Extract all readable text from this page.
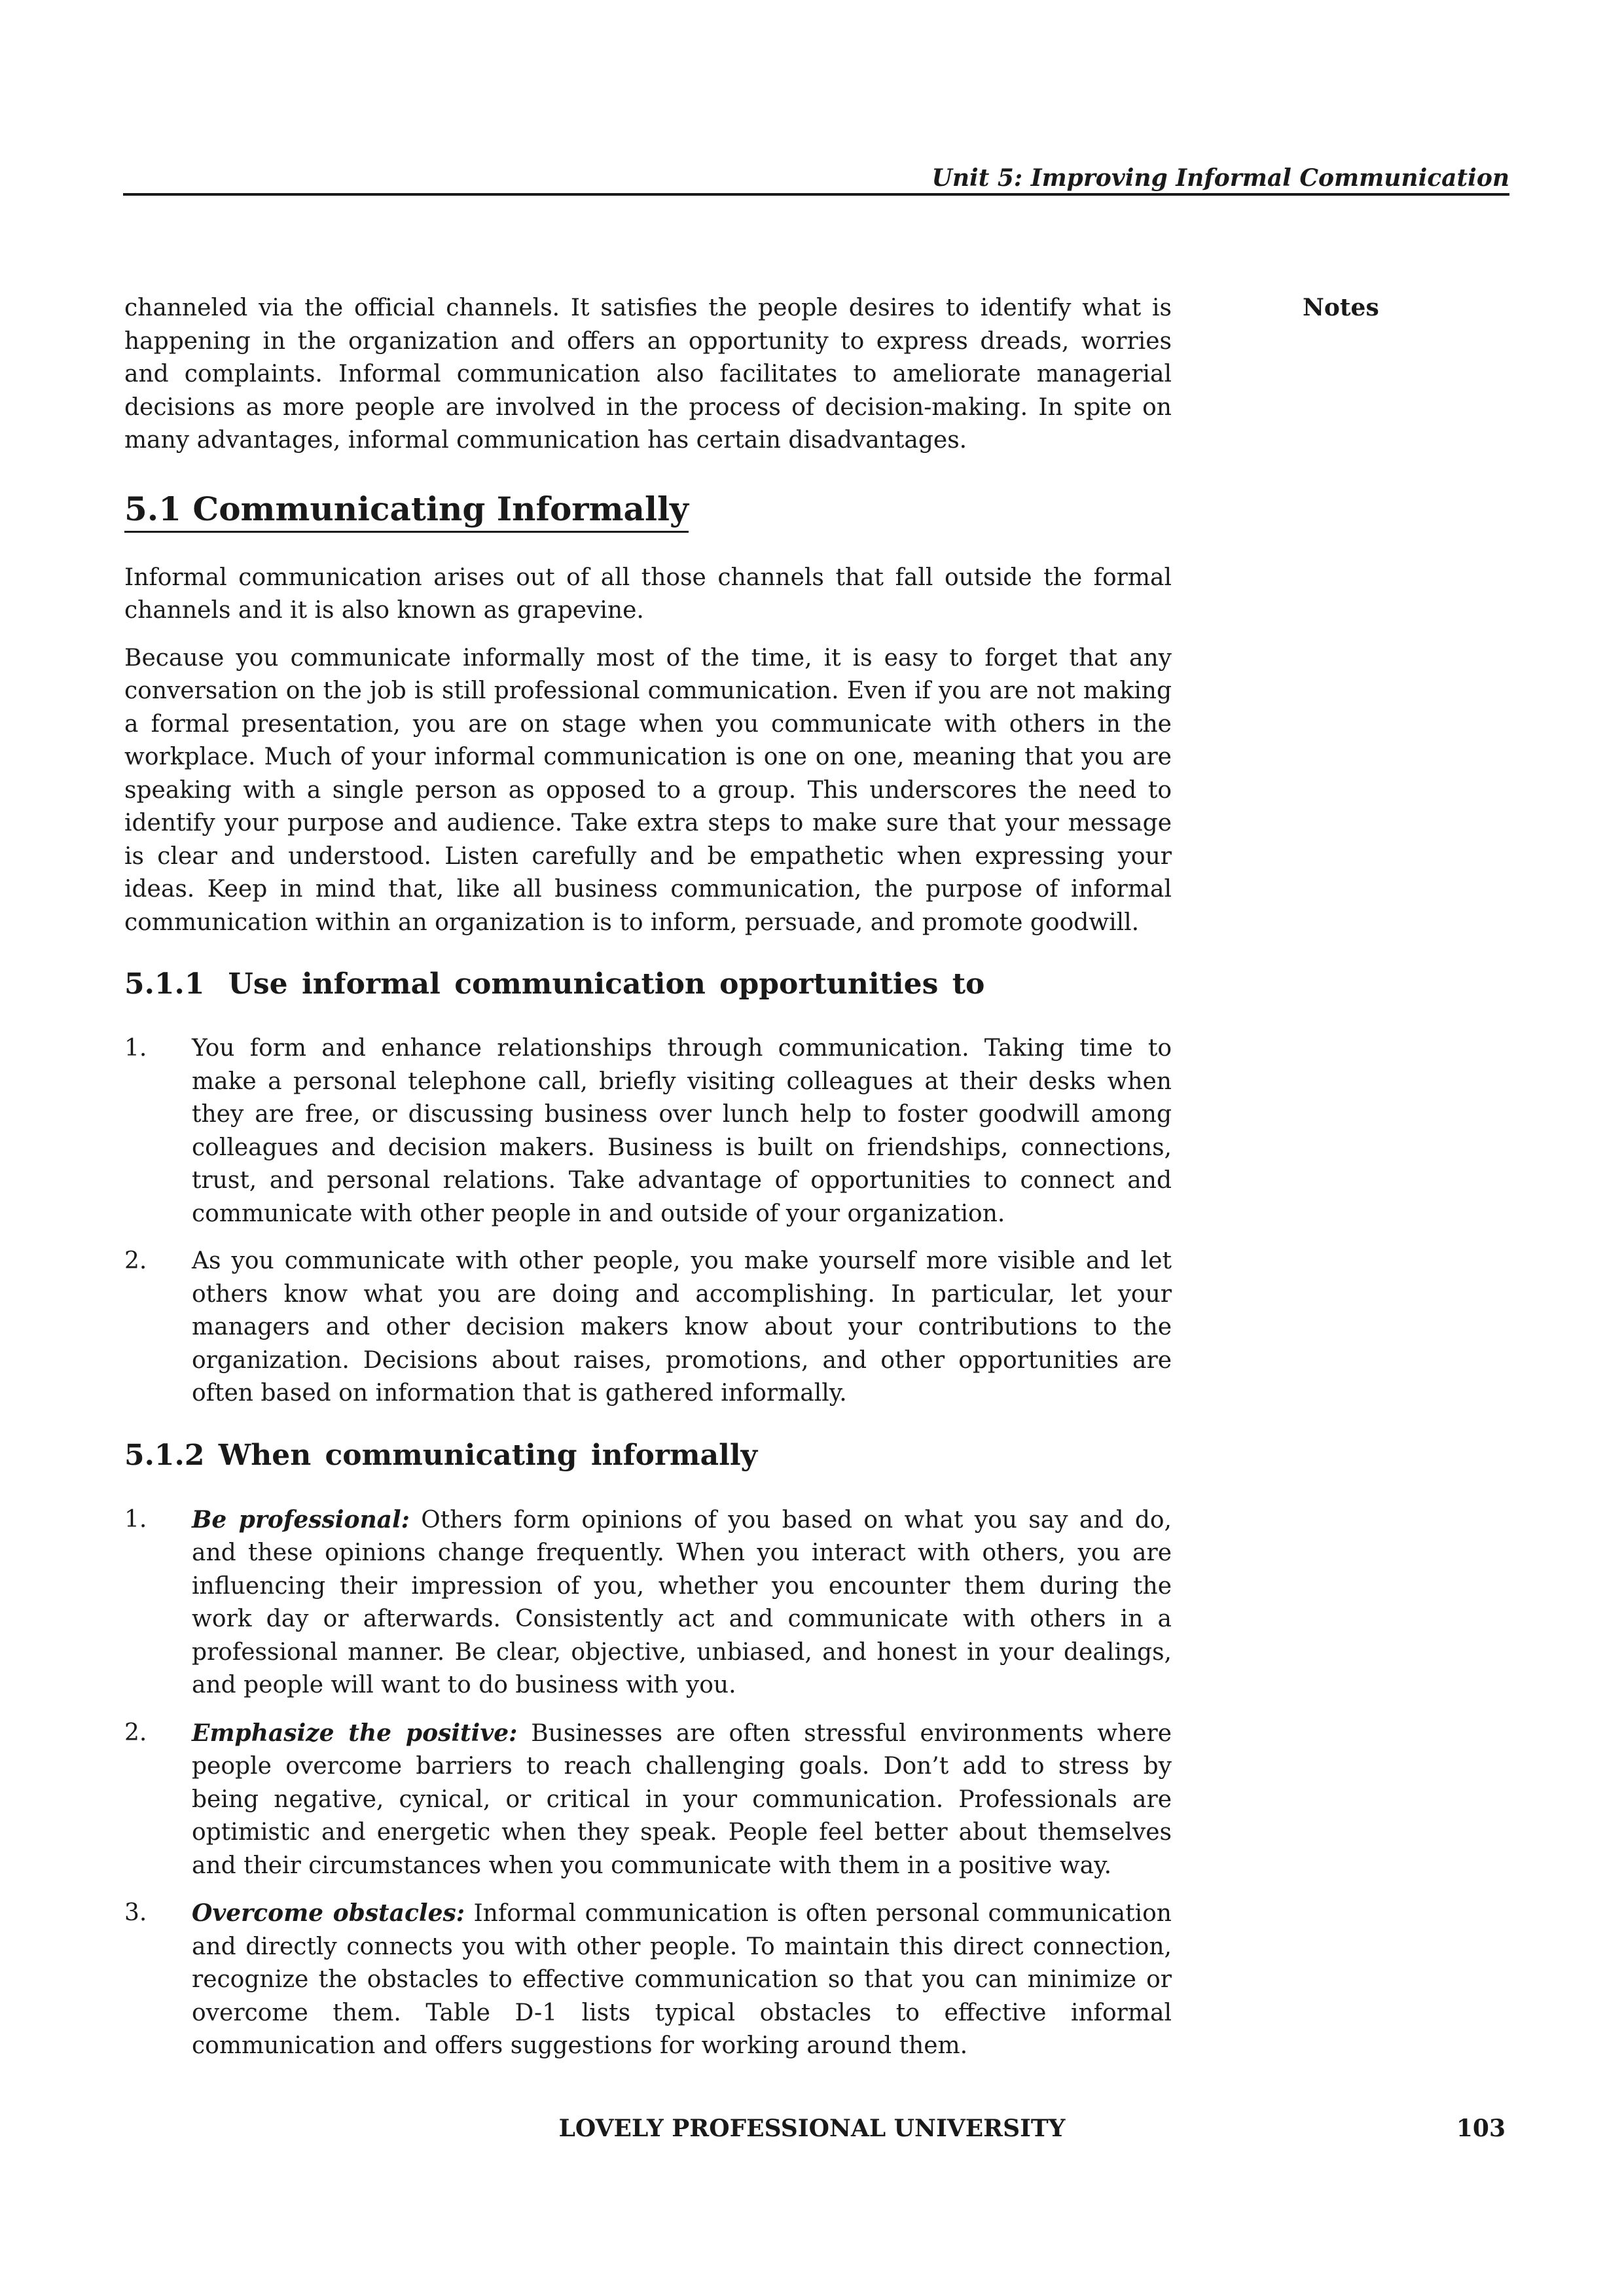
Unit 5: Improving Informal Communication
Notes

channeled via the official channels. It satisfies the people desires to identify what is happening in the organization and offers an opportunity to express dreads, worries and complaints. Informal communication also facilitates to ameliorate managerial decisions as more people are involved in the process of decision-making. In spite on many advantages, informal communication has certain disadvantages.

5.1 Communicating Informally

Informal communication arises out of all those channels that fall outside the formal channels and it is also known as grapevine.

Because you communicate informally most of the time, it is easy to forget that any conversation on the job is still professional communication. Even if you are not making a formal presentation, you are on stage when you communicate with others in the workplace. Much of your informal communication is one on one, meaning that you are speaking with a single person as opposed to a group. This underscores the need to identify your purpose and audience. Take extra steps to make sure that your message is clear and understood. Listen carefully and be empathetic when expressing your ideas. Keep in mind that, like all business communication, the purpose of informal communication within an organization is to inform, persuade, and promote goodwill.

5.1.1 Use informal communication opportunities to
1.	You form and enhance relationships through communication. Taking time to make a personal telephone call, briefly visiting colleagues at their desks when they are free, or discussing business over lunch help to foster goodwill among colleagues and decision makers. Business is built on friendships, connections, trust, and personal relations. Take advantage of opportunities to connect and communicate with other people in and outside of your organization.
2.	As you communicate with other people, you make yourself more visible and let others know what you are doing and accomplishing. In particular, let your managers and other decision makers know about your contributions to the organization. Decisions about raises, promotions, and other opportunities are often based on information that is gathered informally.
5.1.2 When communicating informally
1.	Be professional: Others form opinions of you based on what you say and do, and these opinions change frequently. When you interact with others, you are influencing their impression of you, whether you encounter them during the work day or afterwards. Consistently act and communicate with others in a professional manner. Be clear, objective, unbiased, and honest in your dealings, and people will want to do business with you.
2.	Emphasize the positive: Businesses are often stressful environments where people overcome barriers to reach challenging goals. Don’t add to stress by being negative, cynical, or critical in your communication. Professionals are optimistic and energetic when they speak. People feel better about themselves and their circumstances when you communicate with them in a positive way.
3.	Overcome obstacles: Informal communication is often personal communication and directly connects you with other people. To maintain this direct connection, recognize the obstacles to effective communication so that you can minimize or overcome them. Table D-1 lists typical obstacles to effective informal communication and offers suggestions for working around them.
LOVELY PROFESSIONAL UNIVERSITY	103
